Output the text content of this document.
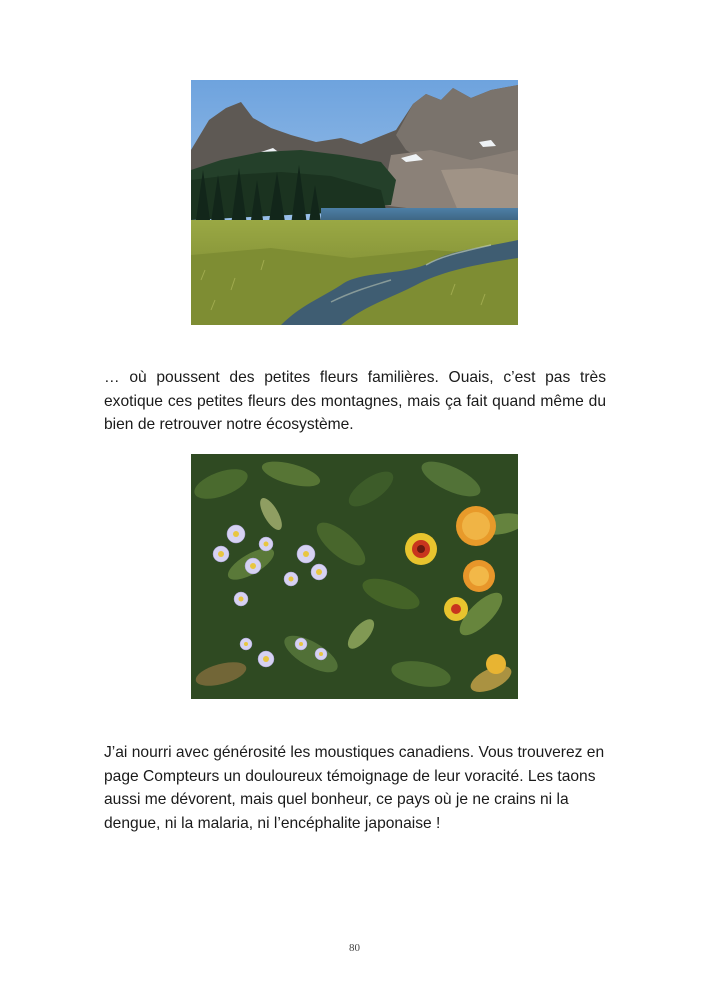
… où poussent des petites fleurs familières. Ouais, c’est pas très exotique ces petites fleurs des montagnes, mais ça fait quand même du bien de retrouver notre écosystème.

J’ai nourri avec générosité les moustiques canadiens. Vous trouverez en page Compteurs un douloureux témoignage de leur voracité. Les taons aussi me dévorent, mais quel bonheur, ce pays où je ne crains ni la dengue, ni la malaria, ni l’encéphalite japonaise !

80
